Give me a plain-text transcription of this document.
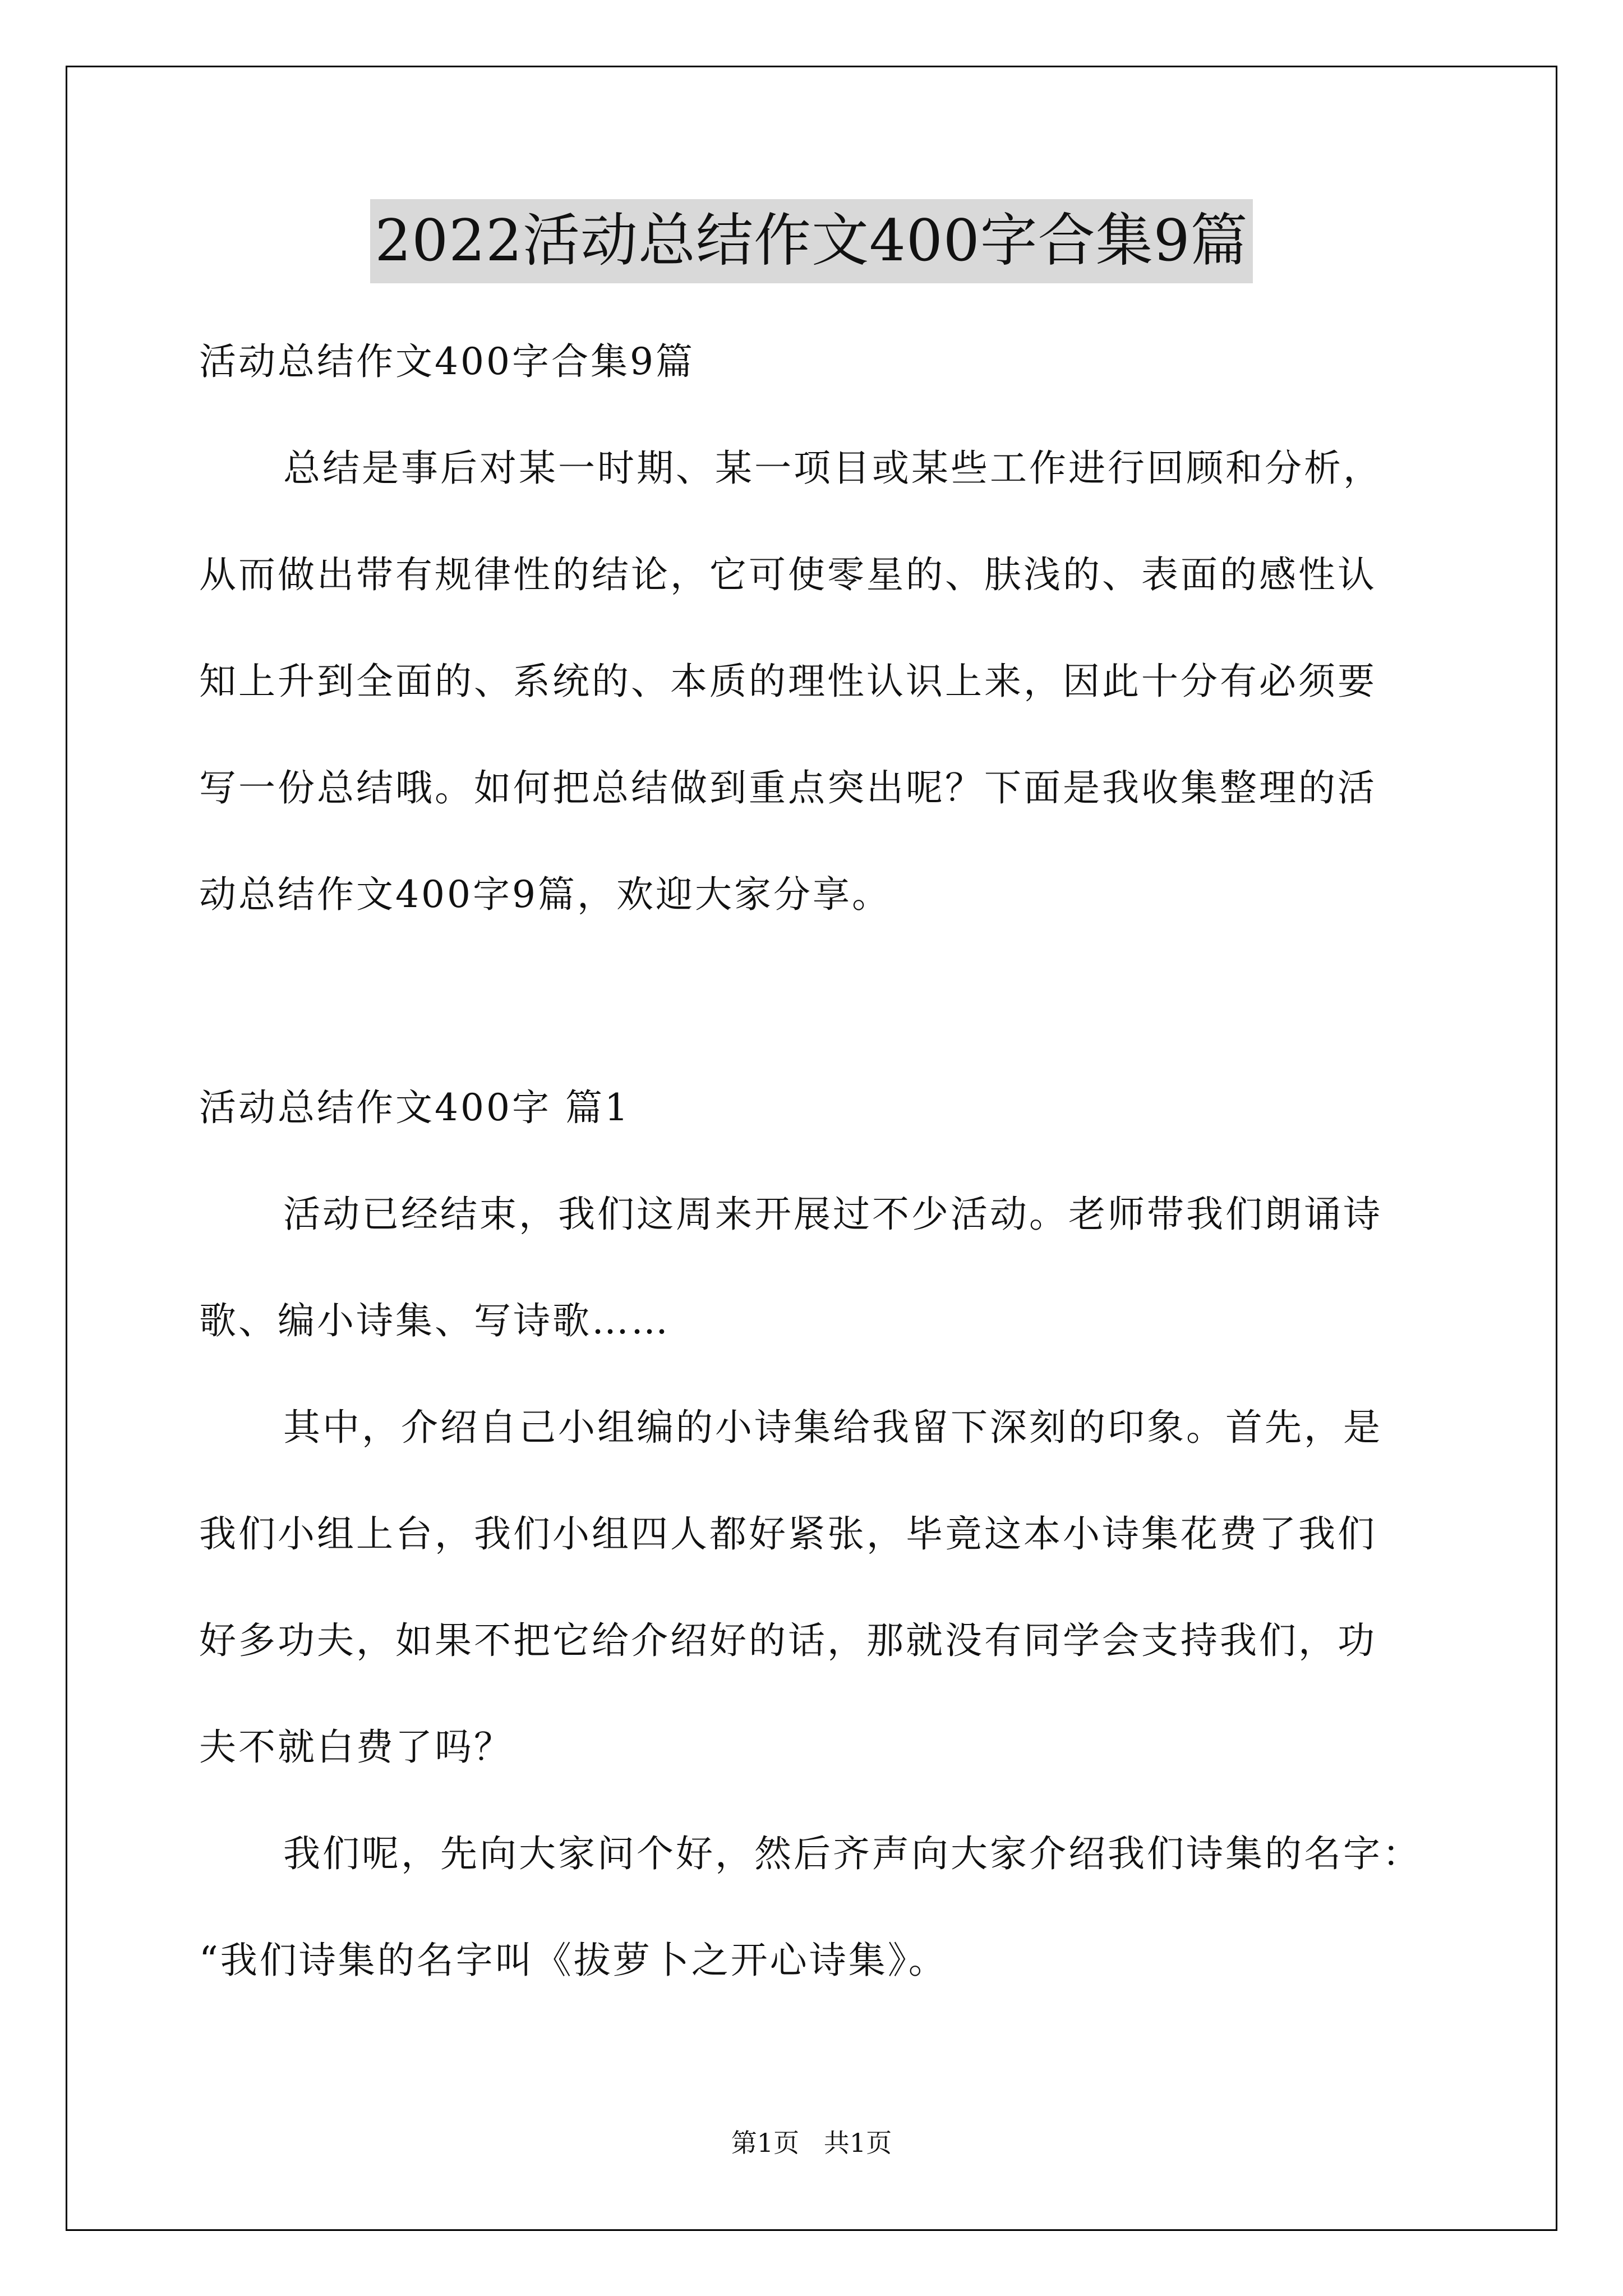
2022活动总结作文400字合集9篇
活动总结作文400字合集9篇
总结是事后对某一时期、某一项目或某些工作进行回顾和分析，
从而做出带有规律性的结论，它可使零星的、肤浅的、表面的感性认
知上升到全面的、系统的、本质的理性认识上来，因此十分有必须要
写一份总结哦。如何把总结做到重点突出呢？下面是我收集整理的活
动总结作文400字9篇，欢迎大家分享。
活动总结作文400字 篇1
活动已经结束，我们这周来开展过不少活动。老师带我们朗诵诗
歌、编小诗集、写诗歌……
其中，介绍自己小组编的小诗集给我留下深刻的印象。首先，是
我们小组上台，我们小组四人都好紧张，毕竟这本小诗集花费了我们
好多功夫，如果不把它给介绍好的话，那就没有同学会支持我们，功
夫不就白费了吗？
我们呢，先向大家问个好，然后齐声向大家介绍我们诗集的名字：
“我们诗集的名字叫《拔萝卜之开心诗集》。
第1页   共1页
